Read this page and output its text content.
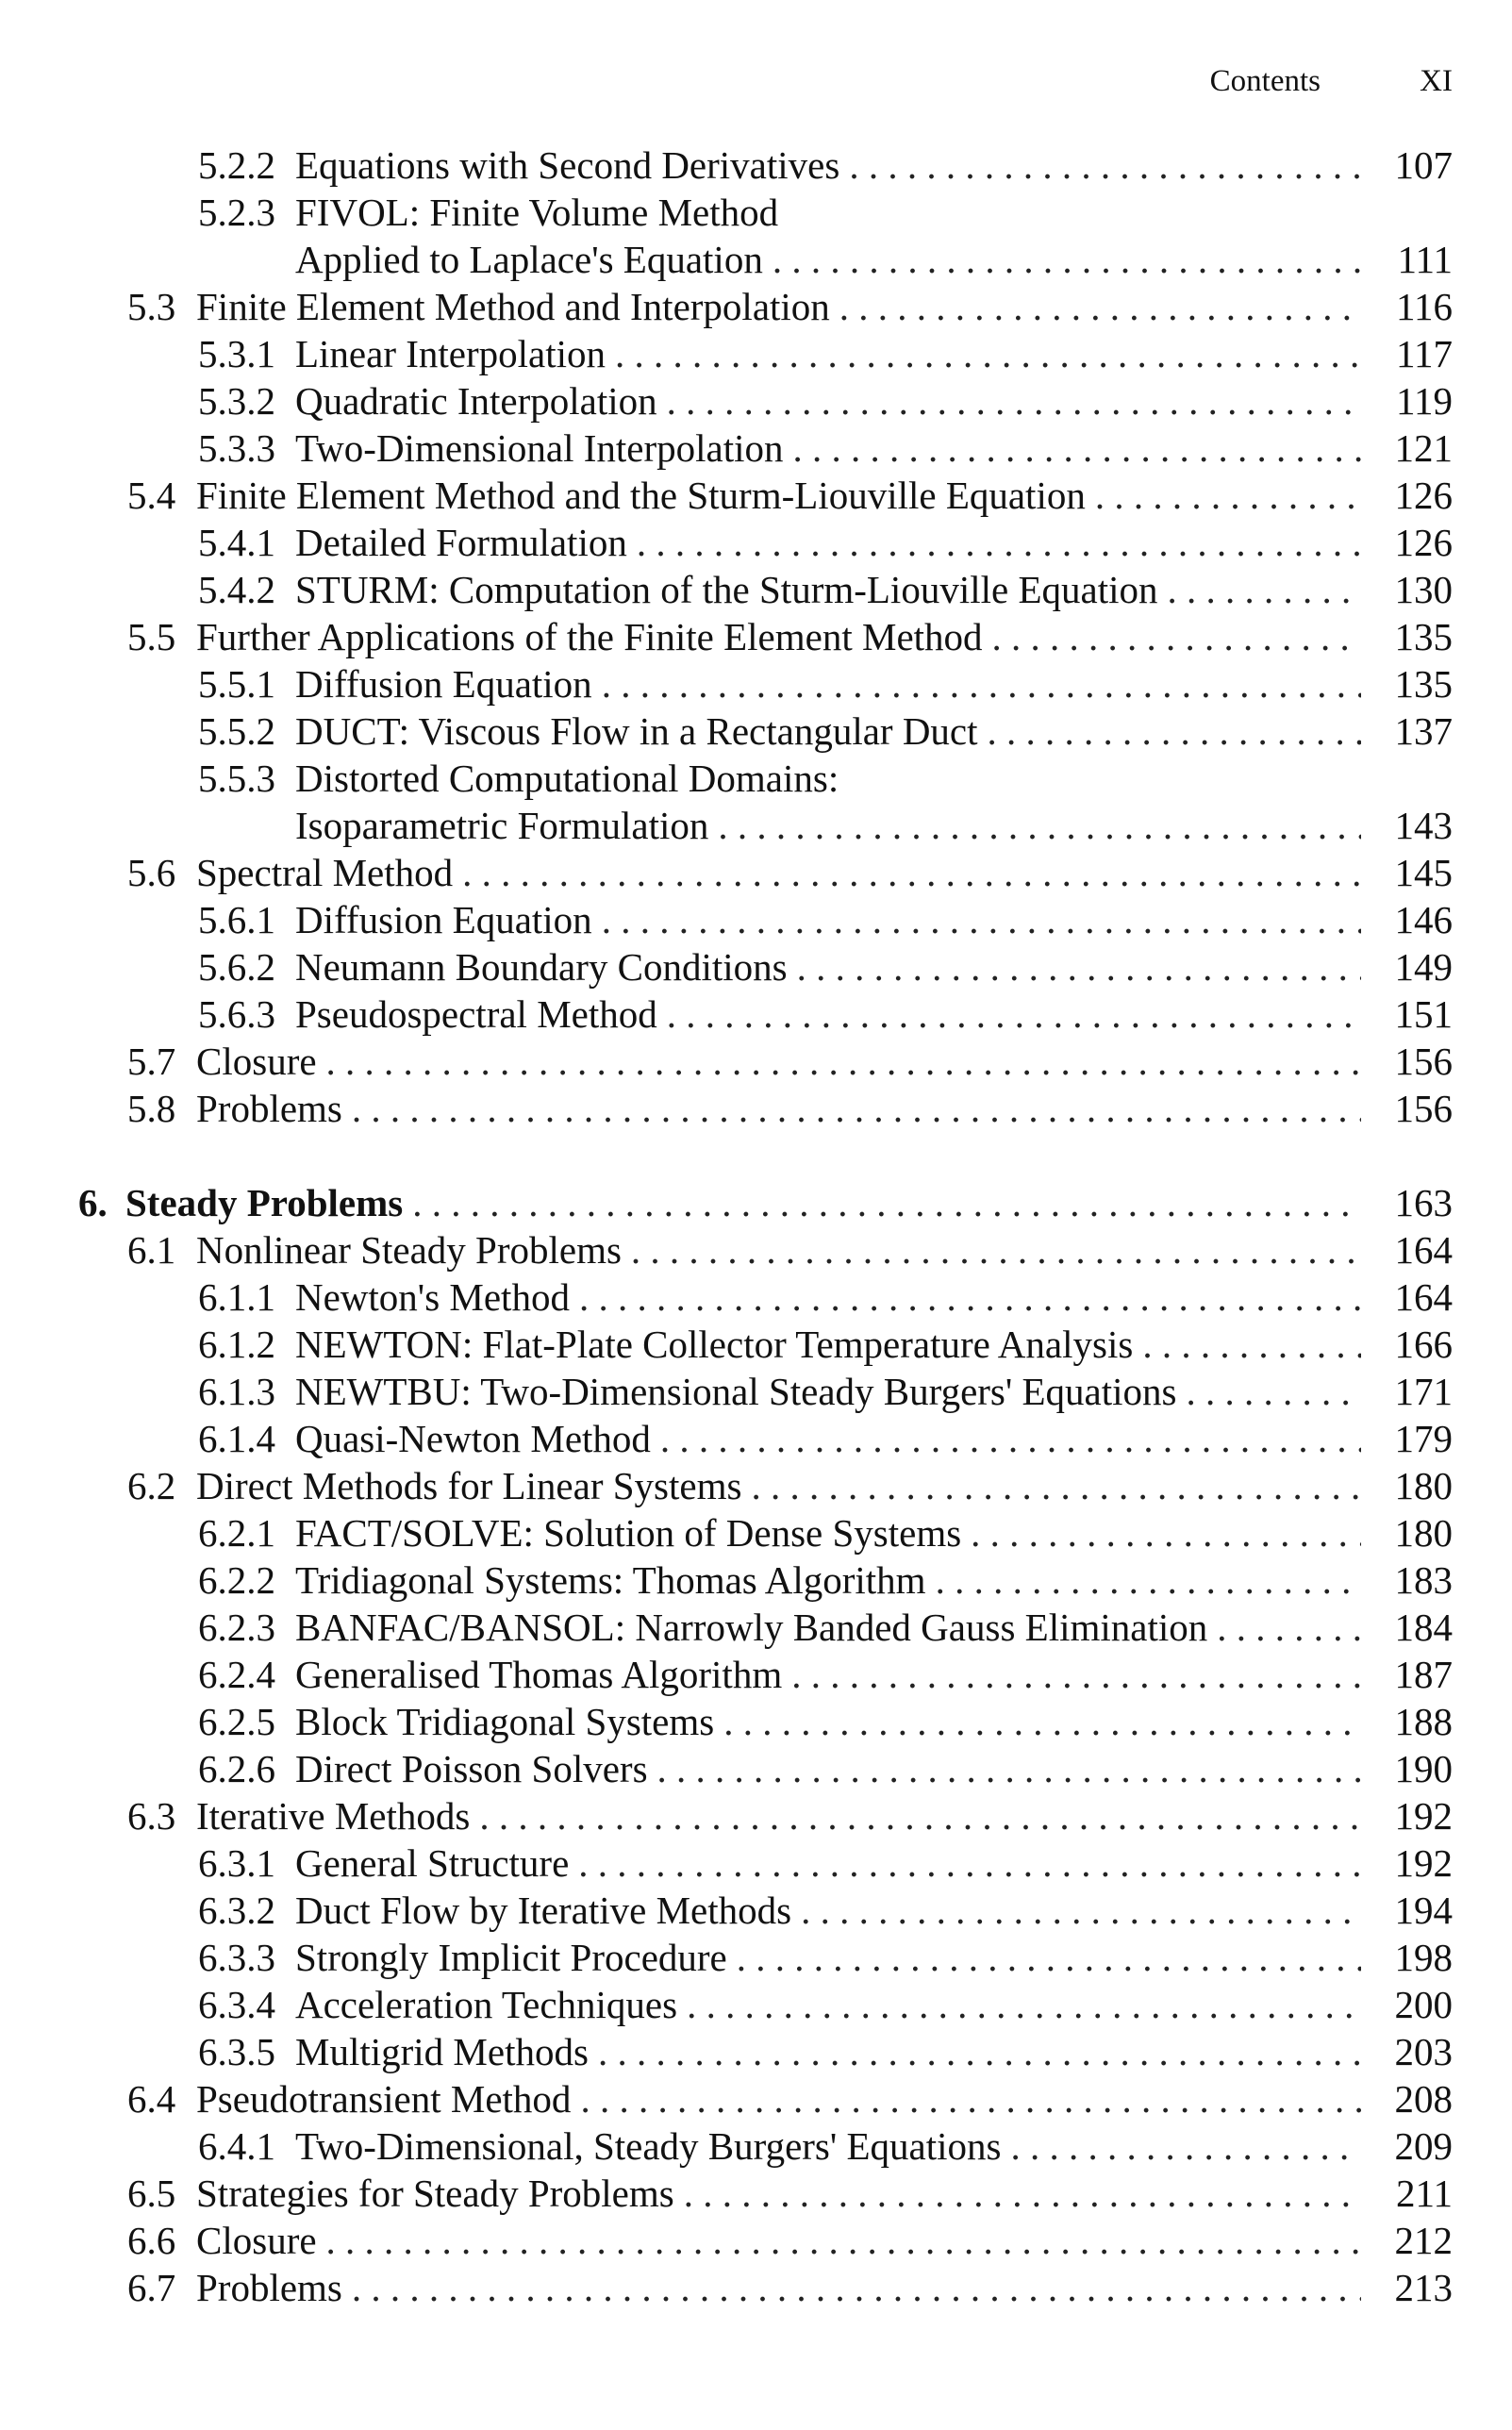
Contents	XI
5.2.2 Equations with Second Derivatives . . .	107
5.2.3 FIVOL: Finite Volume Method
Applied to Laplace's Equation . . .	111
5.3 Finite Element Method and Interpolation . . .	116
5.3.1 Linear Interpolation . . .	117
5.3.2 Quadratic Interpolation . . .	119
5.3.3 Two-Dimensional Interpolation . . .	121
5.4 Finite Element Method and the Sturm-Liouville Equation . . .	126
5.4.1 Detailed Formulation . . .	126
5.4.2 STURM: Computation of the Sturm-Liouville Equation . . .	130
5.5 Further Applications of the Finite Element Method . . .	135
5.5.1 Diffusion Equation . . .	135
5.5.2 DUCT: Viscous Flow in a Rectangular Duct . . .	137
5.5.3 Distorted Computational Domains:
Isoparametric Formulation . . .	143
5.6 Spectral Method . . .	145
5.6.1 Diffusion Equation . . .	146
5.6.2 Neumann Boundary Conditions . . .	149
5.6.3 Pseudospectral Method . . .	151
5.7 Closure . . .	156
5.8 Problems . . .	156
6. Steady Problems . . .	163
6.1 Nonlinear Steady Problems . . .	164
6.1.1 Newton's Method . . .	164
6.1.2 NEWTON: Flat-Plate Collector Temperature Analysis . . .	166
6.1.3 NEWTBU: Two-Dimensional Steady Burgers' Equations . . .	171
6.1.4 Quasi-Newton Method . . .	179
6.2 Direct Methods for Linear Systems . . .	180
6.2.1 FACT/SOLVE: Solution of Dense Systems . . .	180
6.2.2 Tridiagonal Systems: Thomas Algorithm . . .	183
6.2.3 BANFAC/BANSOL: Narrowly Banded Gauss Elimination . . .	184
6.2.4 Generalised Thomas Algorithm . . .	187
6.2.5 Block Tridiagonal Systems . . .	188
6.2.6 Direct Poisson Solvers . . .	190
6.3 Iterative Methods . . .	192
6.3.1 General Structure . . .	192
6.3.2 Duct Flow by Iterative Methods . . .	194
6.3.3 Strongly Implicit Procedure . . .	198
6.3.4 Acceleration Techniques . . .	200
6.3.5 Multigrid Methods . . .	203
6.4 Pseudotransient Method . . .	208
6.4.1 Two-Dimensional, Steady Burgers' Equations . . .	209
6.5 Strategies for Steady Problems . . .	211
6.6 Closure . . .	212
6.7 Problems . . .	213
